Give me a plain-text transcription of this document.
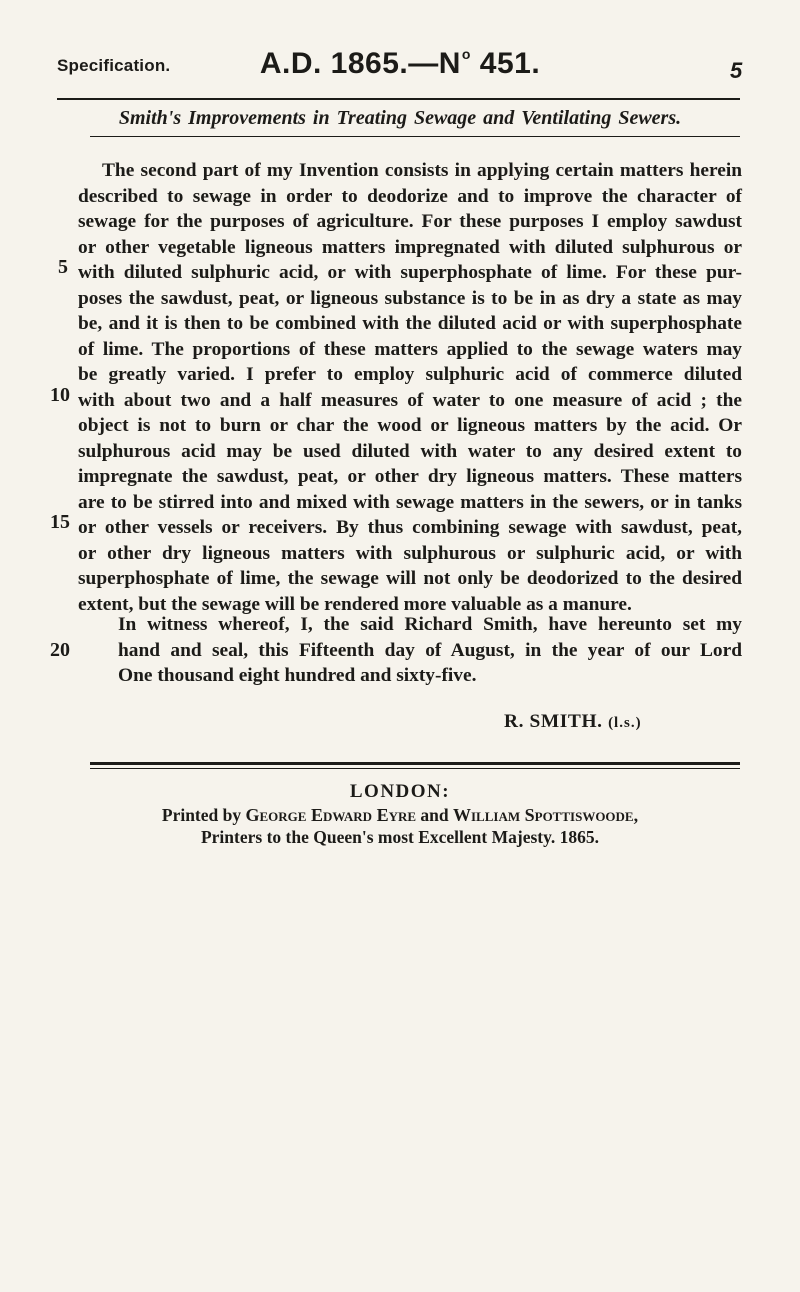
Specification.	A.D. $1865.—N^o$ 451.	5
Smith's Improvements in Treating Sewage and Ventilating Sewers.
The second part of my Invention consists in applying certain matters herein
described to sewage in order to deodorize and to improve the character of
sewage for the purposes of agriculture. For these purposes I employ sawdust
or other vegetable ligneous matters impregnated with diluted sulphurous or
with diluted sulphuric acid, or with superphosphate of lime. For these pur-
poses the sawdust, peat, or ligneous substance is to be in as dry a state as may
be, and it is then to be combined with the diluted acid or with superphosphate
of lime. The proportions of these matters applied to the sewage waters may
be greatly varied. I prefer to employ sulphuric acid of commerce diluted
with about two and a half measures of water to one measure of acid ; the
object is not to burn or char the wood or ligneous matters by the acid. Or
sulphurous acid may be used diluted with water to any desired extent to
impregnate the sawdust, peat, or other dry ligneous matters. These matters
are to be stirred into and mixed with sewage matters in the sewers, or in tanks
or other vessels or receivers. By thus combining sewage with sawdust, peat,
or other dry ligneous matters with sulphurous or sulphuric acid, or with
superphosphate of lime, the sewage will not only be deodorized to the desired
extent, but the sewage will be rendered more valuable as a manure.
5
10
15
20
In witness whereof, I, the said Richard Smith, have hereunto set my
hand and seal, this Fifteenth day of August, in the year of our Lord
One thousand eight hundred and sixty-five.
R. SMITH. (l.s.)
LONDON:
Printed by George Edward Eyre and William Spottiswoode,
Printers to the Queen's most Excellent Majesty. 1865.
